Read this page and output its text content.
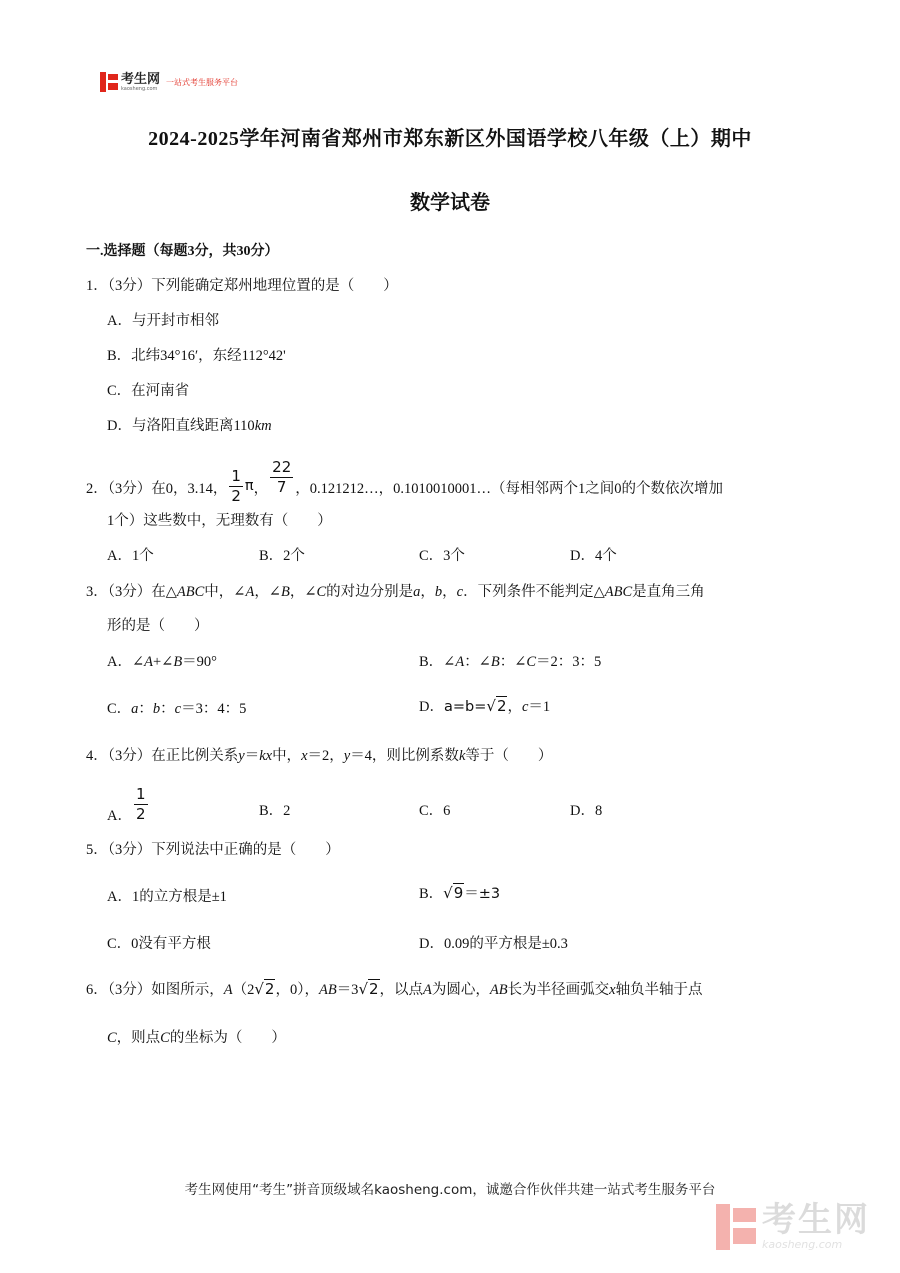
考生网
kaosheng.com
一站式考生服务平台
2024-2025学年河南省郑州市郑东新区外国语学校八年级（上）期中
数学试卷
一.选择题（每题3分，共30分）
1．（3分）下列能确定郑州地理位置的是（　　）
A．与开封市相邻
B．北纬34°16′，东经112°42'
C．在河南省
D．与洛阳直线距离110km
2．（3分）在0，3.14， $\frac{1}{2}$ π ， $\frac{22}{7}$ ，0.121212…，0.1010010001…（每相邻两个1之间0的个数依次增加
1个）这些数中，无理数有（　　）
A．1个	B．2个	C．3个	D．4个
3．（3分）在△ABC中，∠A，∠B，∠C的对边分别是a，b，c．下列条件不能判定△ABC是直角三角
形的是（　　）
A．∠A+∠B＝90°	B．∠A：∠B：∠C＝2：3：5
C．a：b：c＝3：4：5	D．a=b=√2，c＝1
4．（3分）在正比例关系y＝kx中，x＝2，y＝4，则比例系数k等于（　　）
A． $\frac{1}{2}$	B．2	C．6	D．8
5．（3分）下列说法中正确的是（　　）
A．1的立方根是±1	B．√9＝±3
C．0没有平方根	D．0.09的平方根是±0.3
6．（3分）如图所示，A（2√2，0），AB＝3√2，以点A为圆心，AB长为半径画弧交x轴负半轴于点
C，则点C的坐标为（　　）
考生网使用“考生”拼音顶级域名kaosheng.com，诚邀合作伙伴共建一站式考生服务平台
考生网
kaosheng.com
